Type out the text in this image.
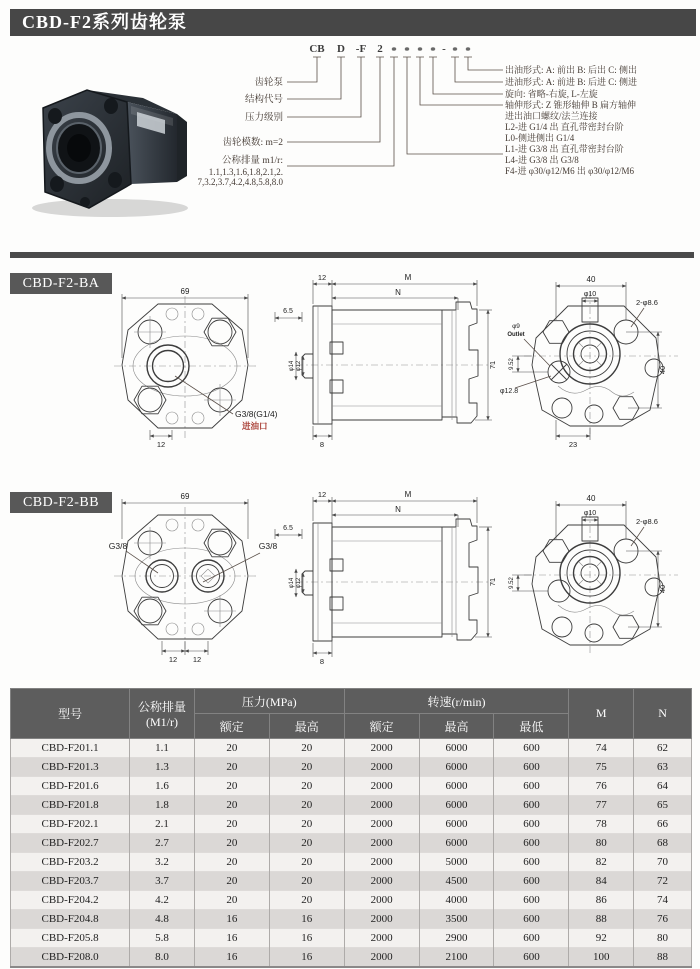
CBD-F2系列齿轮泵
CB D -F 2 * * * * - * *
齿轮泵
结构代号
压力级别
齿轮模数: m=2
公称排量 m1/r:
1.1,1.3,1.6,1.8,2.1,2.
7,3.2,3.7,4.2,4.8,5.8,8.0
出油形式: A: 前出 B: 后出 C: 侧出
进油形式: A: 前进 B: 后进 C: 侧进
旋向: 省略-右旋, L-左旋
轴伸形式: Z 锥形轴伸 B 扁方轴伸
进出油口螺纹/法兰连接
L2-进 G1/4 出 直孔带密封台阶
L0-侧进侧出 G1/4
L1-进 G3/8 出 直孔带密封台阶
L4-进 G3/8 出 G3/8
F4-进 φ30/φ12/M6 出 φ30/φ12/M6
CBD-F2-BA
69
12
G3/8(G1/4)
进油口
12	M
N
6.5
φ12
φ14	71
8
40
φ10
2-φ8.6
φ9
Outlet
9.52
φ12.8
40
23
CBD-F2-BB	69
G3/8	G3/8
12 12
12	M
N
6.5
φ12
φ14	71
8
40
φ10
2-φ8.6
9.52
40
型号	公称排量
(M1/r)	压力(MPa)		转速(r/min)			M	N
		额定	最高	额定	最高	最低		
CBD-F201.1	1.1	20	20	2000	6000	600	74	62
CBD-F201.3	1.3	20	20	2000	6000	600	75	63
CBD-F201.6	1.6	20	20	2000	6000	600	76	64
CBD-F201.8	1.8	20	20	2000	6000	600	77	65
CBD-F202.1	2.1	20	20	2000	6000	600	78	66
CBD-F202.7	2.7	20	20	2000	6000	600	80	68
CBD-F203.2	3.2	20	20	2000	5000	600	82	70
CBD-F203.7	3.7	20	20	2000	4500	600	84	72
CBD-F204.2	4.2	20	20	2000	4000	600	86	74
CBD-F204.8	4.8	16	16	2000	3500	600	88	76
CBD-F205.8	5.8	16	16	2000	2900	600	92	80
CBD-F208.0	8.0	16	16	2000	2100	600	100	88
